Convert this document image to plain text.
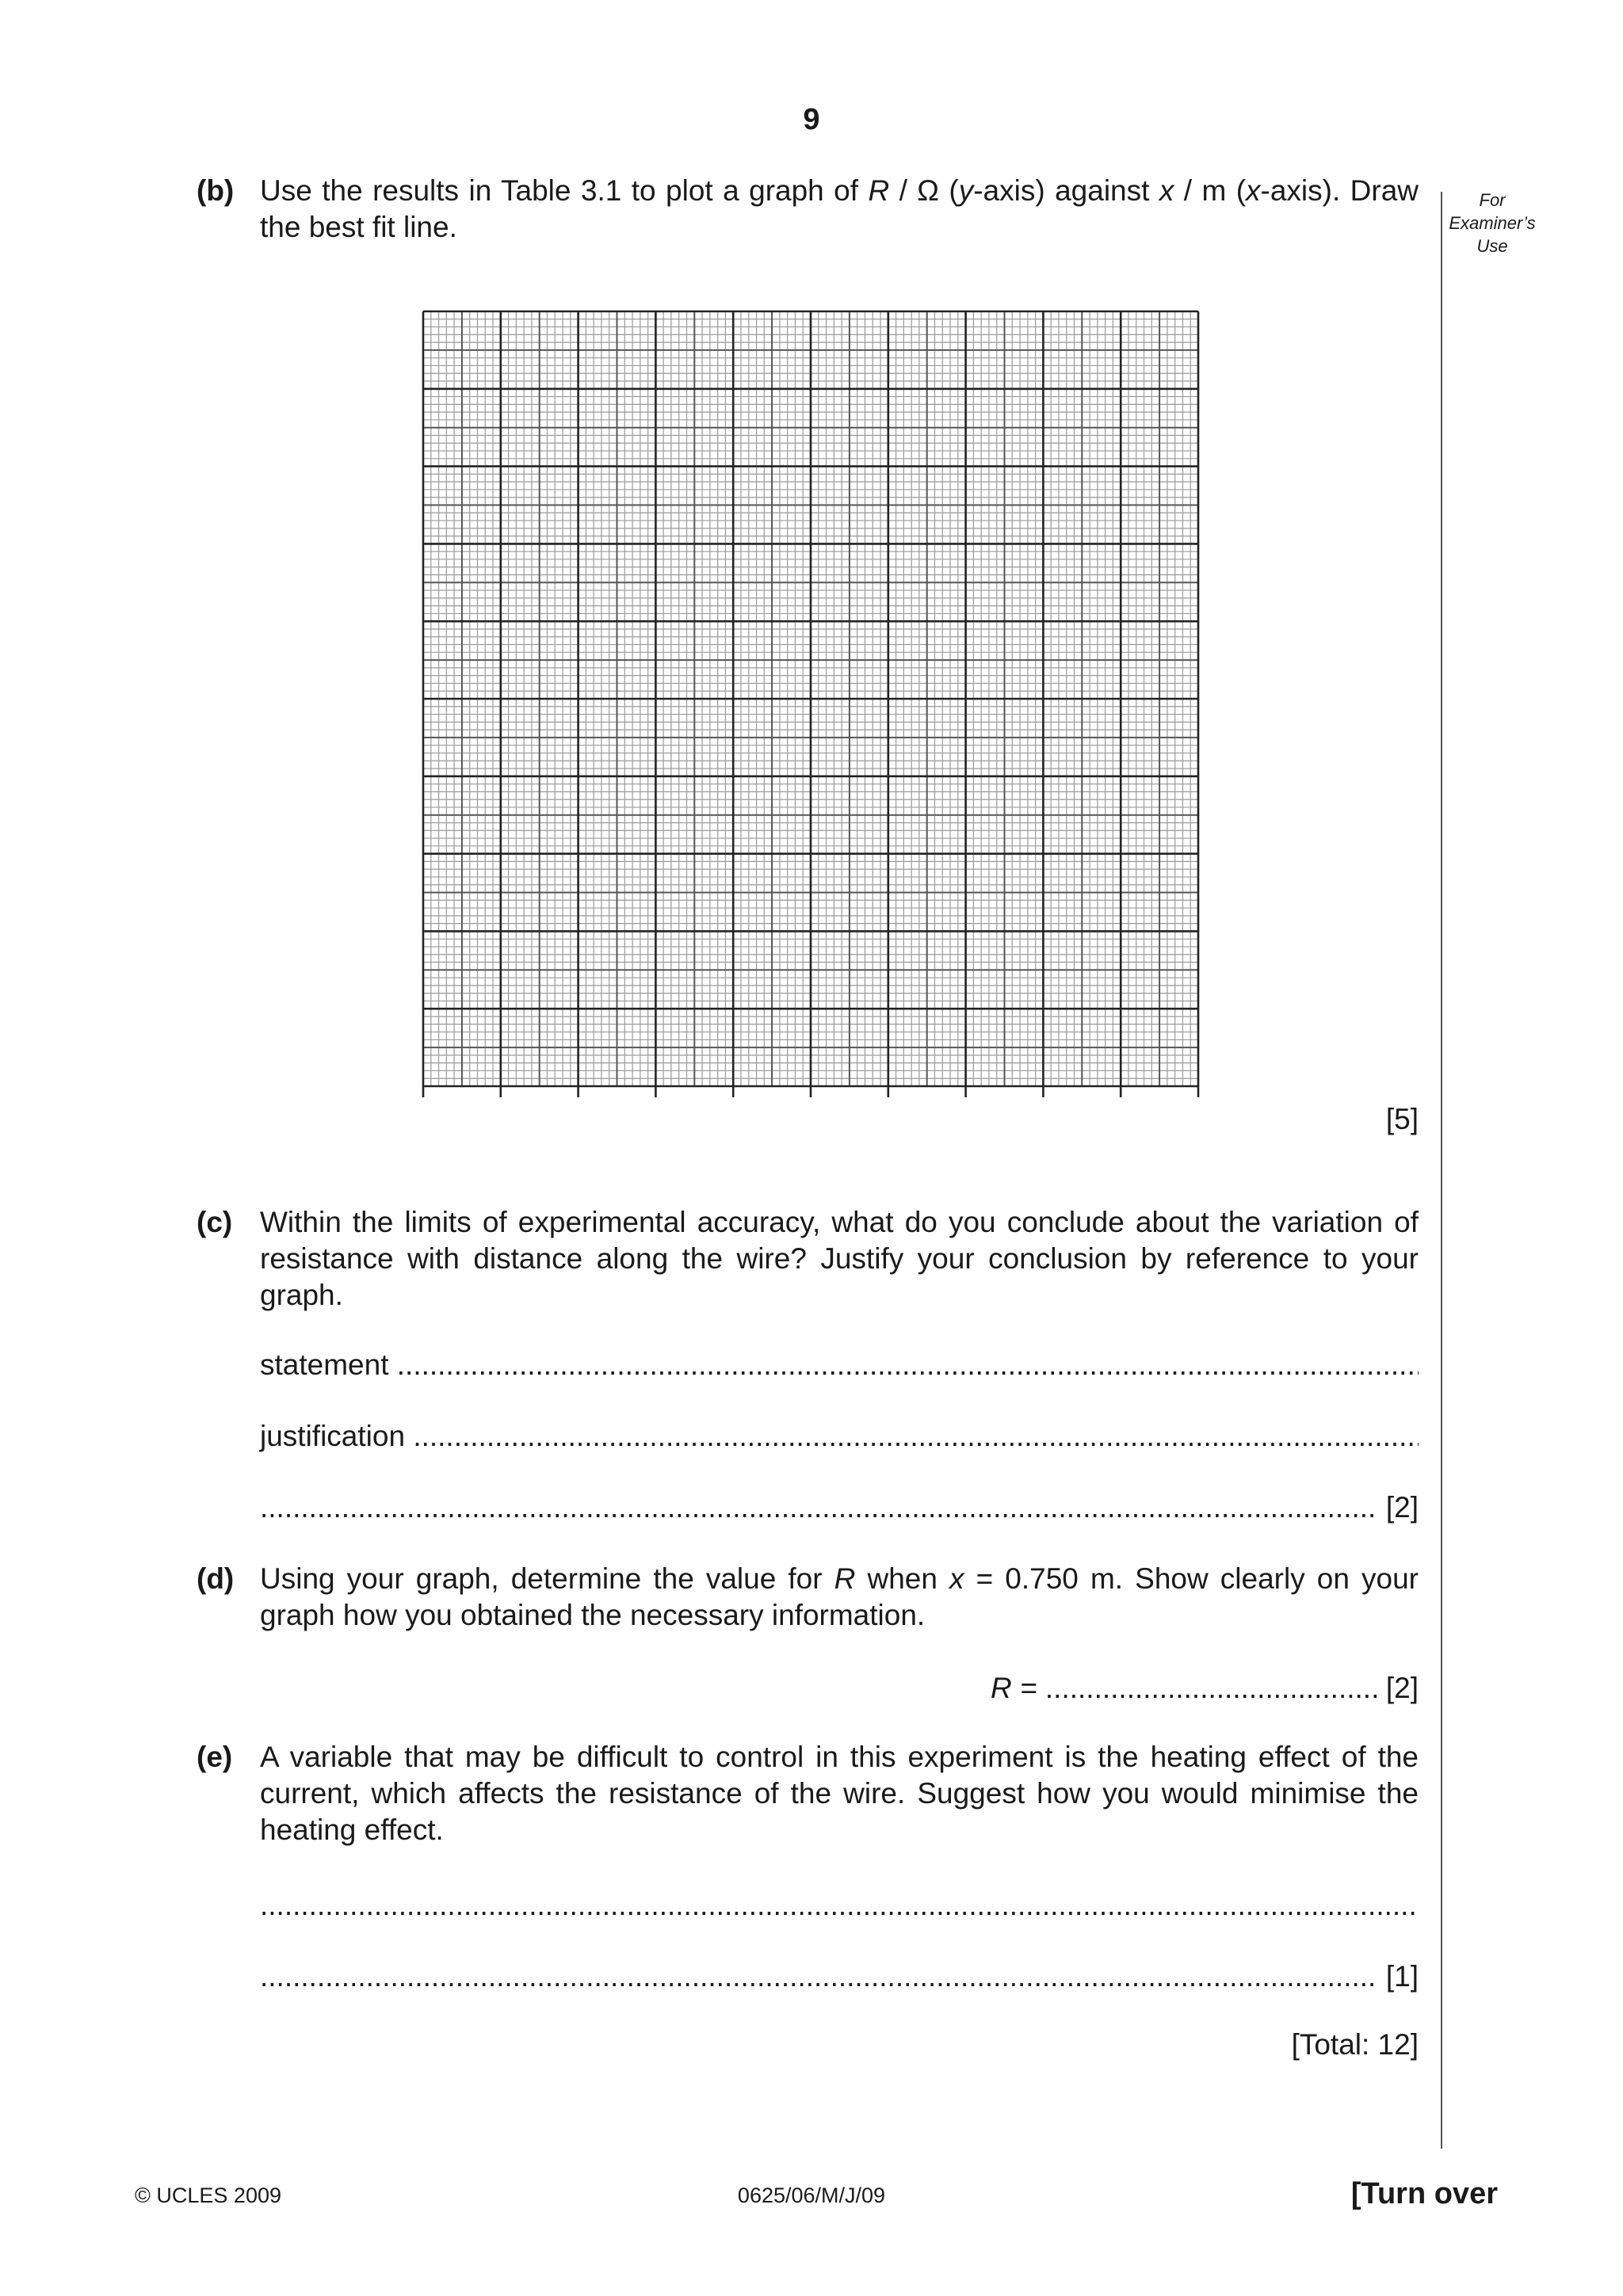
9
For
Examiner’s
Use
(b) Use the results in Table 3.1 to plot a graph of R / Ω (y-axis) against x / m (x-axis). Draw the best fit line.
[5]
(c) Within the limits of experimental accuracy, what do you conclude about the variation of resistance with distance along the wire? Justify your conclusion by reference to your graph.
statement

.....
justification

.....
.....

[2]
(d) Using your graph, determine the value for R when x = 0.750 m. Show clearly on your graph how you obtained the necessary information.
R =

.....
	[2]
(e) A variable that may be difficult to control in this experiment is the heating effect of the current, which affects the resistance of the wire. Suggest how you would minimise the heating effect.
.....
.....

[1]
[Total: 12]
© UCLES 2009	0625/06/M/J/09	[Turn over
